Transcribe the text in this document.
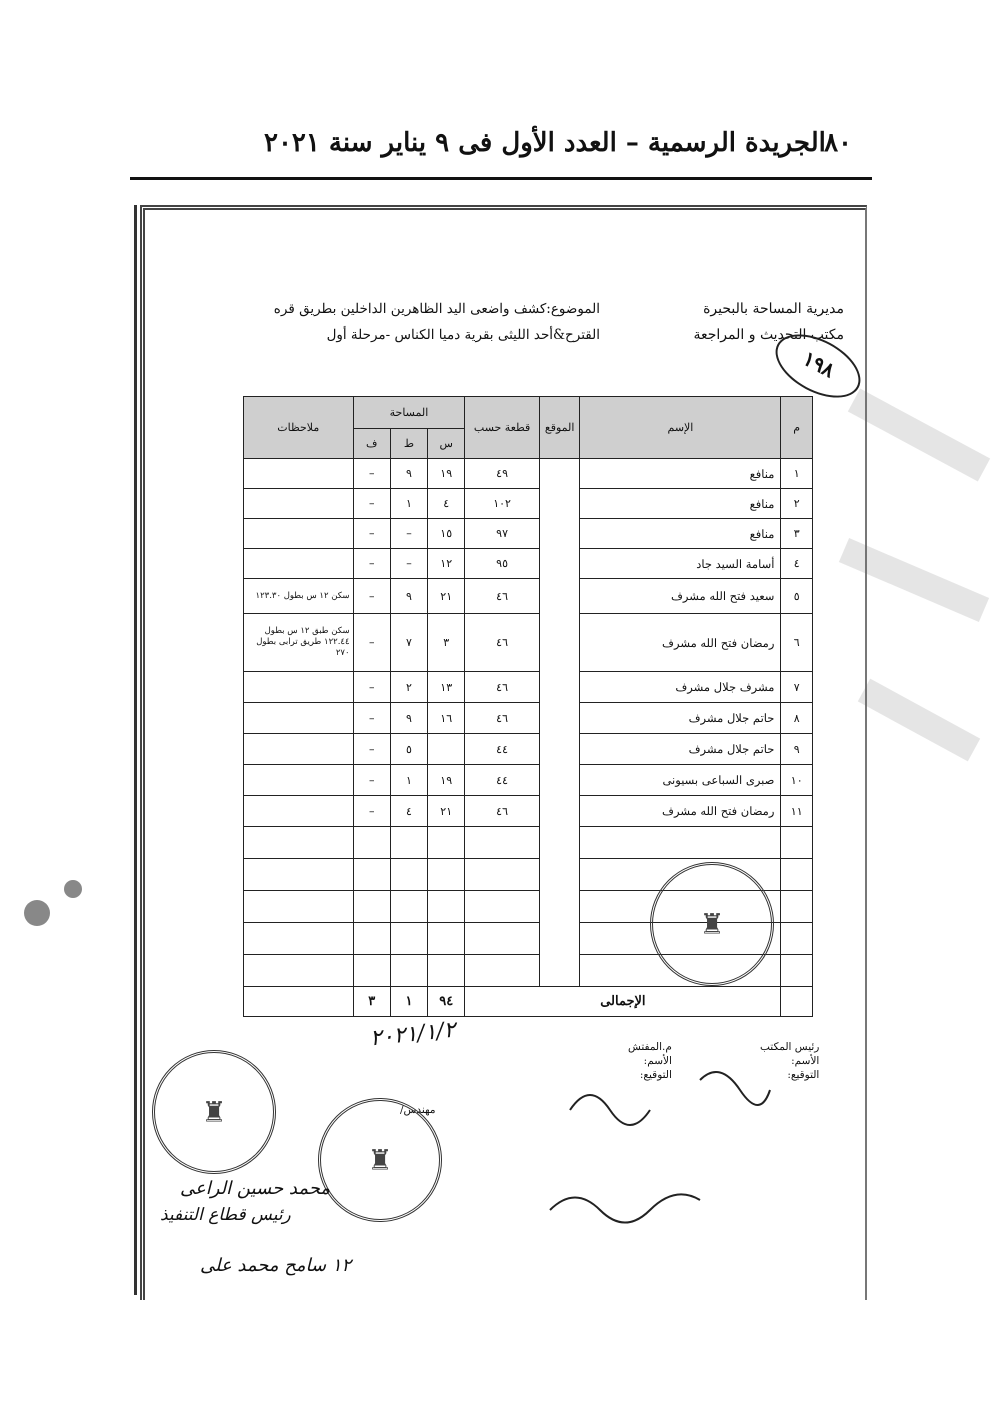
٨٠
الجريدة الرسمية – العدد الأول فى ٩ يناير سنة ٢٠٢١
مديرية المساحة بالبحيرة
مكتب التحديث و المراجعة
١٩٨
الموضوع:كشف واضعى اليد الظاهرين الداخلين بطريق قره
القترح&أحد الليثى بقرية دميا الكناس -مرحلة أول
م	الإسم	الموقع	قطعة حسب	المساحة			ملاحظات
				س	ط	ف	
١	منافع		٤٩	١٩	٩	–	
٢	منافع		١٠٢	٤	١	–	
٣	منافع		٩٧	١٥	–	–	
٤	أسامة السيد جاد		٩٥	١٢	–	–	
٥	سعيد فتح الله مشرف		٤٦	٢١	٩	–	سكن ١٢ س بطول ١٢٣.٣٠
٦	رمضان فتح الله مشرف		٤٦	٣	٧	–	سكن طبق ١٢ س بطول ١٢٢.٤٤ طريق ترابى بطول ٢٧٠
٧	مشرف جلال مشرف		٤٦	١٣	٢	–	
٨	حاتم جلال مشرف		٤٦	١٦	٩	–	
٩	حاتم جلال مشرف		٤٤		٥	–	
١٠	صبرى السباعى بسيونى		٤٤	١٩	١	–	
١١	رمضان فتح الله مشرف		٤٦	٢١	٤	–	

	الإجمالى			٩٤	١	٣	
٢٠٢١/١/٢	رئيس المكتب
الأسم:
التوقيع:
م.المفتش
الأسم:
التوقيع:
مهندس/
♜
♜
♜
محمد حسين الراعى
رئيس قطاع التنفيذ
١٢ سامح محمد على
